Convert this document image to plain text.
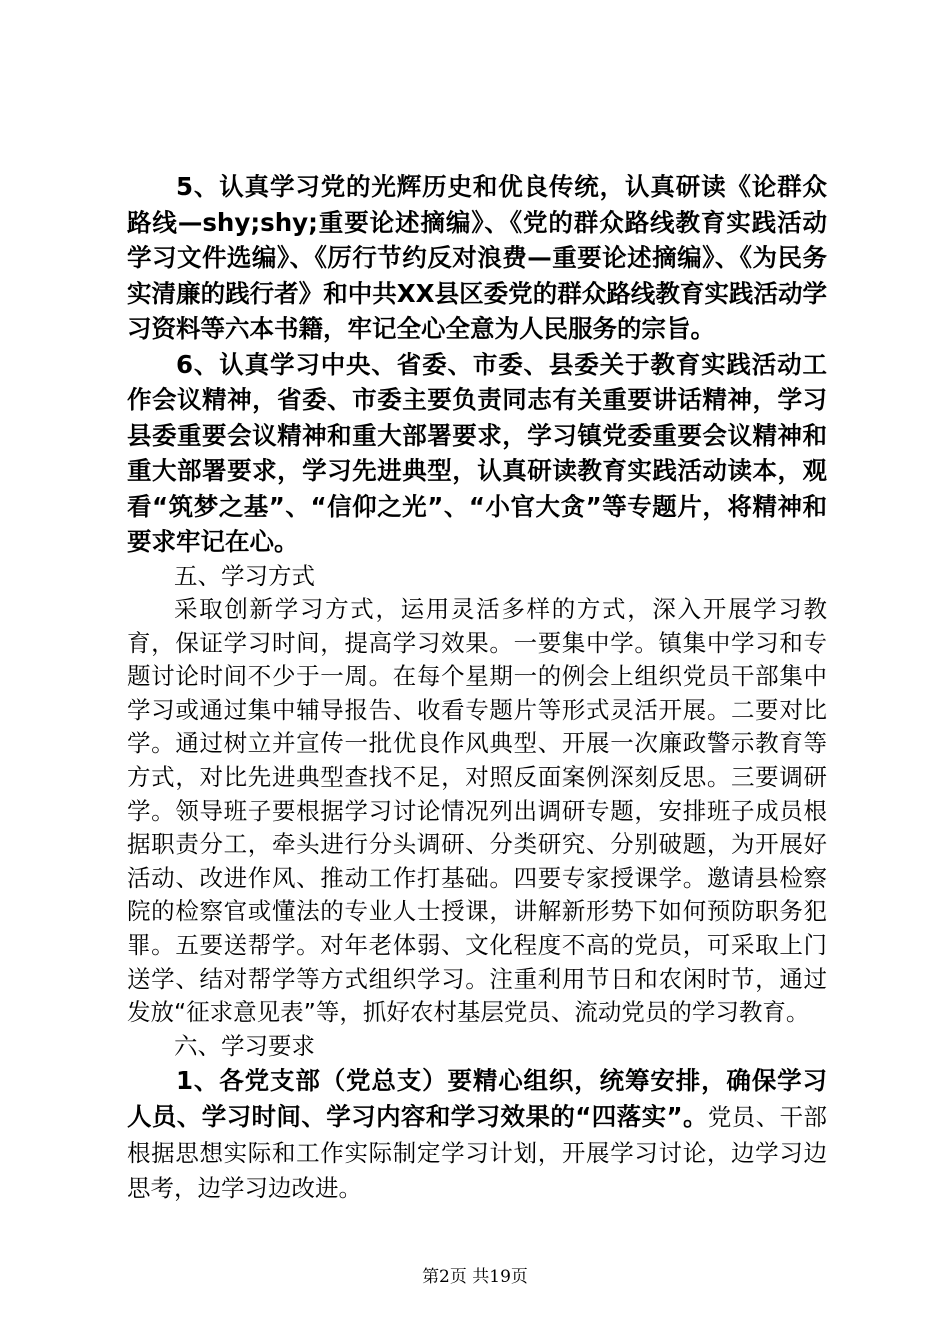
5、认真学习党的光辉历史和优良传统，认真研读《论群众路线—shy;shy;重要论述摘编》、《党的群众路线教育实践活动学习文件选编》、《厉行节约反对浪费—重要论述摘编》、《为民务实清廉的践行者》和中共XX县区委党的群众路线教育实践活动学习资料等六本书籍，牢记全心全意为人民服务的宗旨。

6、认真学习中央、省委、市委、县委关于教育实践活动工作会议精神，省委、市委主要负责同志有关重要讲话精神，学习县委重要会议精神和重大部署要求，学习镇党委重要会议精神和重大部署要求，学习先进典型，认真研读教育实践活动读本，观看“筑梦之基”、“信仰之光”、“小官大贪”等专题片，将精神和要求牢记在心。

五、学习方式

采取创新学习方式，运用灵活多样的方式，深入开展学习教育，保证学习时间，提高学习效果。一要集中学。镇集中学习和专题讨论时间不少于一周。在每个星期一的例会上组织党员干部集中学习或通过集中辅导报告、收看专题片等形式灵活开展。二要对比学。通过树立并宣传一批优良作风典型、开展一次廉政警示教育等方式，对比先进典型查找不足，对照反面案例深刻反思。三要调研学。领导班子要根据学习讨论情况列出调研专题，安排班子成员根据职责分工，牵头进行分头调研、分类研究、分别破题，为开展好活动、改进作风、推动工作打基础。四要专家授课学。邀请县检察院的检察官或懂法的专业人士授课，讲解新形势下如何预防职务犯罪。五要送帮学。对年老体弱、文化程度不高的党员，可采取上门送学、结对帮学等方式组织学习。注重利用节日和农闲时节，通过发放“征求意见表”等，抓好农村基层党员、流动党员的学习教育。

六、学习要求

1、各党支部（党总支）要精心组织，统筹安排，确保学习人员、学习时间、学习内容和学习效果的“四落实”。党员、干部根据思想实际和工作实际制定学习计划，开展学习讨论，边学习边思考，边学习边改进。

第2页 共19页
